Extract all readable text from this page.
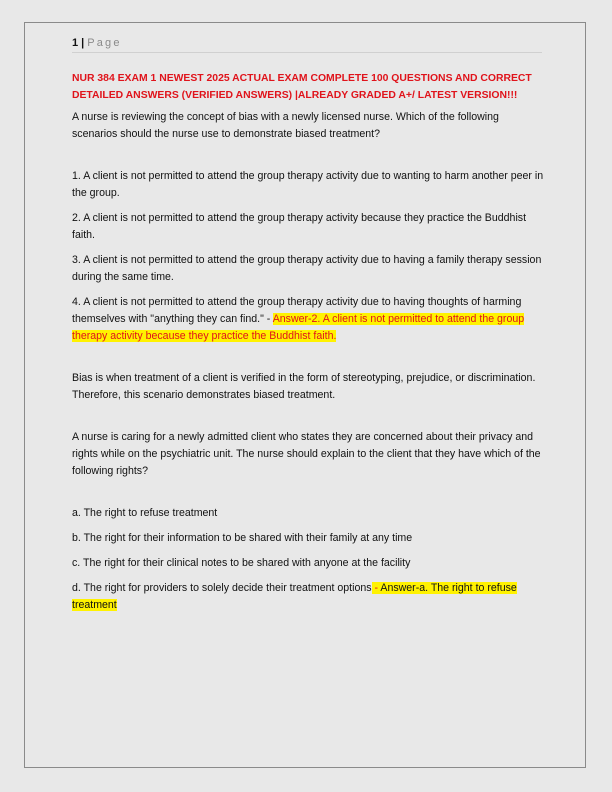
1 | Page

NUR 384 EXAM 1 NEWEST 2025 ACTUAL EXAM COMPLETE 100 QUESTIONS AND CORRECT DETAILED ANSWERS (VERIFIED ANSWERS) |ALREADY GRADED A+/ LATEST VERSION!!!

A nurse is reviewing the concept of bias with a newly licensed nurse. Which of the following scenarios should the nurse use to demonstrate biased treatment?

1. A client is not permitted to attend the group therapy activity due to wanting to harm another peer in the group.

2. A client is not permitted to attend the group therapy activity because they practice the Buddhist faith.

3. A client is not permitted to attend the group therapy activity due to having a family therapy session during the same time.

4. A client is not permitted to attend the group therapy activity due to having thoughts of harming themselves with "anything they can find." - Answer-2. A client is not permitted to attend the group therapy activity because they practice the Buddhist faith.

Bias is when treatment of a client is verified in the form of stereotyping, prejudice, or discrimination. Therefore, this scenario demonstrates biased treatment.

A nurse is caring for a newly admitted client who states they are concerned about their privacy and rights while on the psychiatric unit. The nurse should explain to the client that they have which of the following rights?

a. The right to refuse treatment

b. The right for their information to be shared with their family at any time

c. The right for their clinical notes to be shared with anyone at the facility

d. The right for providers to solely decide their treatment options - Answer-a. The right to refuse treatment
